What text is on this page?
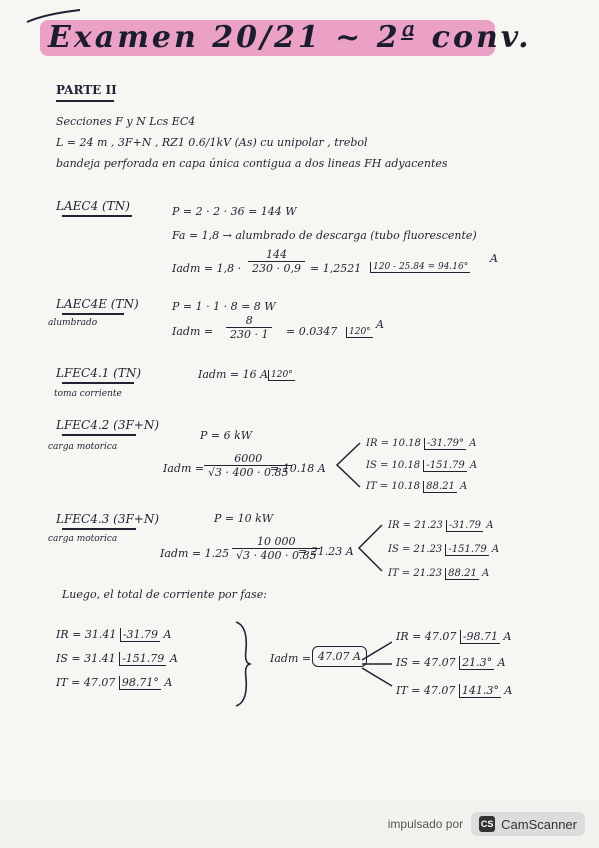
Examen 20/21 ~ 2ª conv.
PARTE II
Secciones F y N Lcs EC4
L = 24 m , 3F+N , RZ1 0.6/1kV (As) cu unipolar , trebol
bandeja perforada en capa única contigua a dos lineas FH adyacentes
LAEC4 (TN)	P = 2 · 2 · 36 = 144 W
Fa = 1,8 → alumbrado de descarga (tubo fluorescente)
Iadm = $1,8 \cdot \frac{144}{230 \cdot 0,9} = 1,2521$	120 - 25.84 = 94.16°
A
LAEC4E (TN)
alumbrado
P = 1 · 1 · 8 = 8 W
Iadm = $\frac{8}{230 \cdot 1} = 0.0347$	120°
A
LFEC4.1 (TN)
toma corriente
Iadm = 16 A 120°
LFEC4.2 (3F+N)
carga motorica
P = 6 kW
Iadm = $\frac{6000}{√3 \cdot 400 \cdot 0.85}$
= 10.18 A
IR = 10.18 -31.79° A
IS = 10.18 -151.79 A
IT = 10.18 88.21 A
LFEC4.3 (3F+N)
carga motorica
P = 10 kW
Iadm = $1.25 \frac{10 000}{√3 \cdot 400 \cdot 0.85}$
= 21.23 A
IR = 21.23 -31.79 A
IS = 21.23 -151.79 A
IT = 21.23 88.21 A
Luego, el total de corriente por fase:
IR = 31.41 -31.79 A
IS = 31.41 -151.79 A
IT = 47.07 98.71° A
Iadm = 47.07 A
IR = 47.07 -98.71 A
IS = 47.07 21.3° A
IT = 47.07 141.3° A
impulsado por CS CamScanner
